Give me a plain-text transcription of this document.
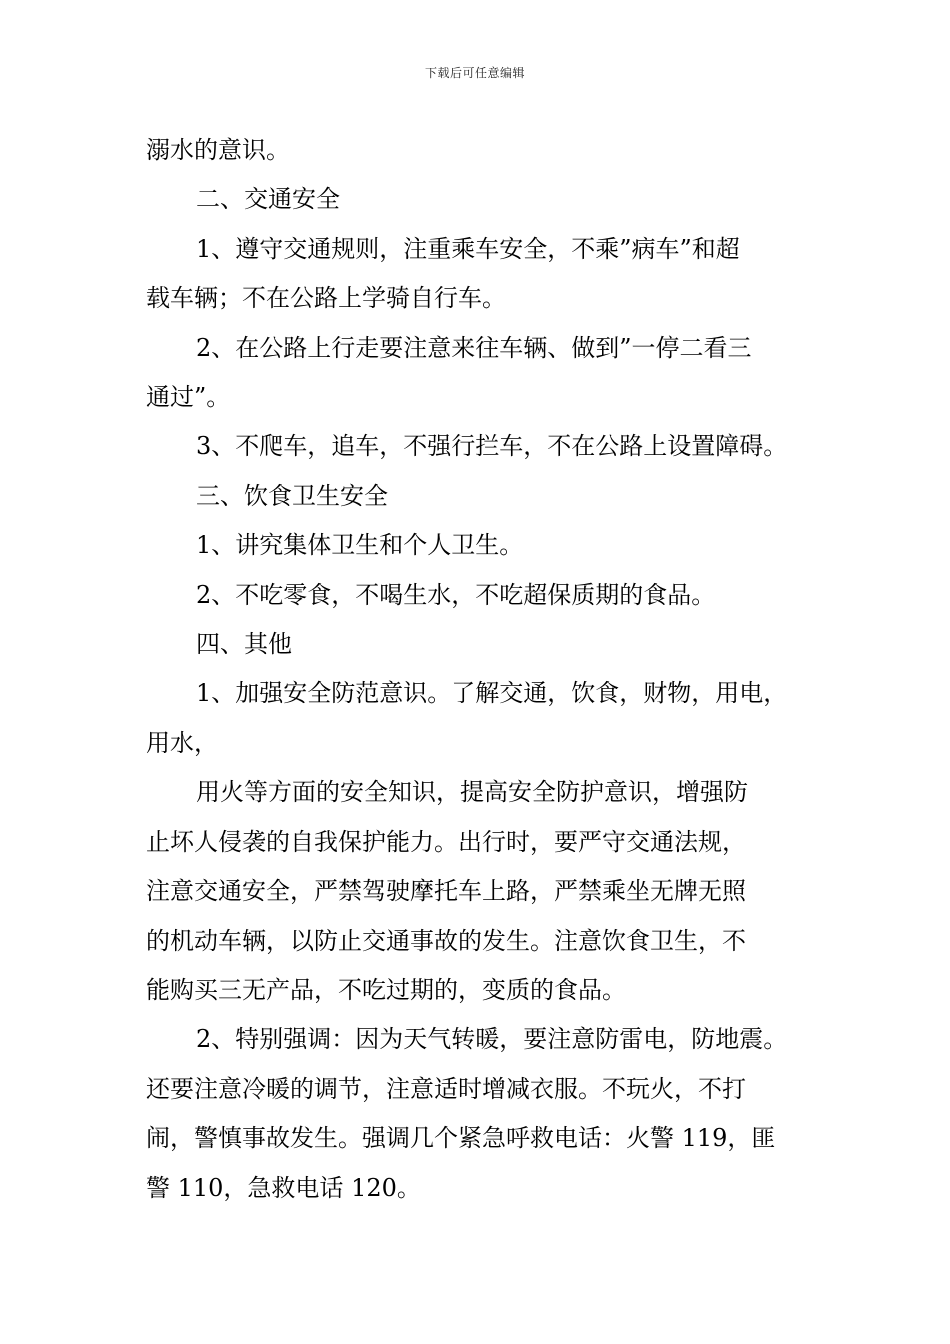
下载后可任意编辑

溺水的意识。

二、交通安全

1、遵守交通规则，注重乘车安全，不乘”病车”和超

载车辆；不在公路上学骑自行车。

2、在公路上行走要注意来往车辆、做到”一停二看三

通过”。

3、不爬车，追车，不强行拦车，不在公路上设置障碍。

三、饮食卫生安全

1、讲究集体卫生和个人卫生。

2、不吃零食，不喝生水，不吃超保质期的食品。

四、其他

1、加强安全防范意识。了解交通，饮食，财物，用电，

用水，

用火等方面的安全知识，提高安全防护意识，增强防

止坏人侵袭的自我保护能力。出行时，要严守交通法规，

注意交通安全，严禁驾驶摩托车上路，严禁乘坐无牌无照

的机动车辆，以防止交通事故的发生。注意饮食卫生，不

能购买三无产品，不吃过期的，变质的食品。

2、特别强调：因为天气转暖，要注意防雷电，防地震。

还要注意冷暖的调节，注意适时增减衣服。不玩火，不打

闹，警慎事故发生。强调几个紧急呼救电话：火警 119，匪

警 110，急救电话 120。
